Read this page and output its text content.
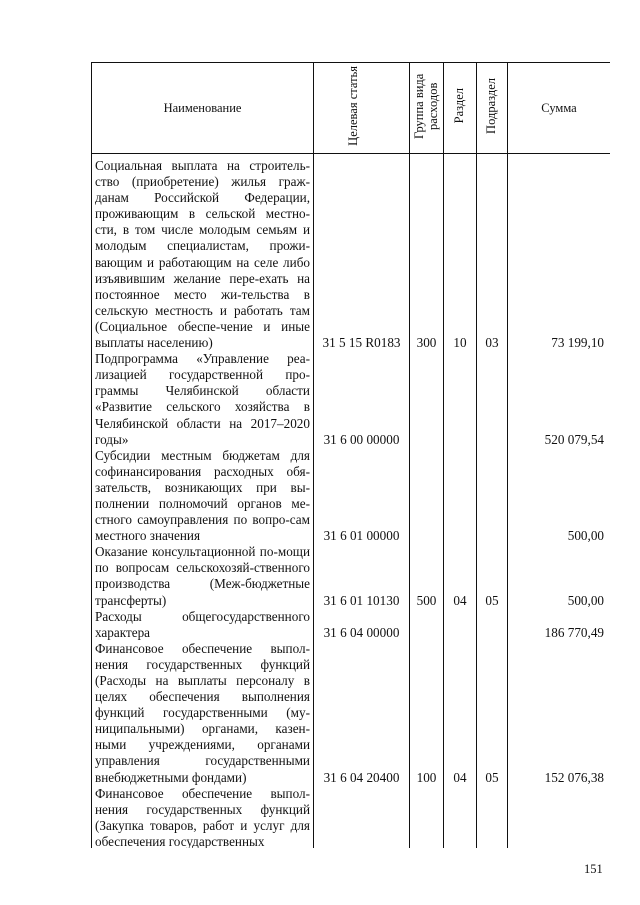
Наименование	Целевая статья	Группа вида расходов	Раздел	Подраздел	Сумма
Социальная выплата на строитель-ство (приобретение) жилья граж-данам Российской Федерации, проживающим в сельской местно-сти, в том числе молодым семьям и молодым специалистам, прожи-вающим и работающим на селе либо изъявившим желание пере-ехать на постоянное место жи-тельства в сельскую местность и работать там (Социальное обеспе-чение и иные выплаты населению)	31 5 15 R0183	300	10	03	73 199,10
Подпрограмма «Управление реа-лизацией государственной про-граммы Челябинской области «Развитие сельского хозяйства в Челябинской области на 2017–2020 годы»	31 6 00 00000				520 079,54
Субсидии местным бюджетам для софинансирования расходных обя-зательств, возникающих при вы-полнении полномочий органов ме-стного самоуправления по вопро-сам местного значения	31 6 01 00000				500,00
Оказание консультационной по-мощи по вопросам сельскохозяй-ственного производства (Меж-бюджетные трансферты)	31 6 01 10130	500	04	05	500,00
Расходы общегосударственного характера	31 6 04 00000				186 770,49
Финансовое обеспечение выпол-нения государственных функций (Расходы на выплаты персоналу в целях обеспечения выполнения функций государственными (му-ниципальными) органами, казен-ными учреждениями, органами управления государственными внебюджетными фондами)	31 6 04 20400	100	04	05	152 076,38
Финансовое обеспечение выпол-нения государственных функций (Закупка товаров, работ и услуг для обеспечения государственных					
151
